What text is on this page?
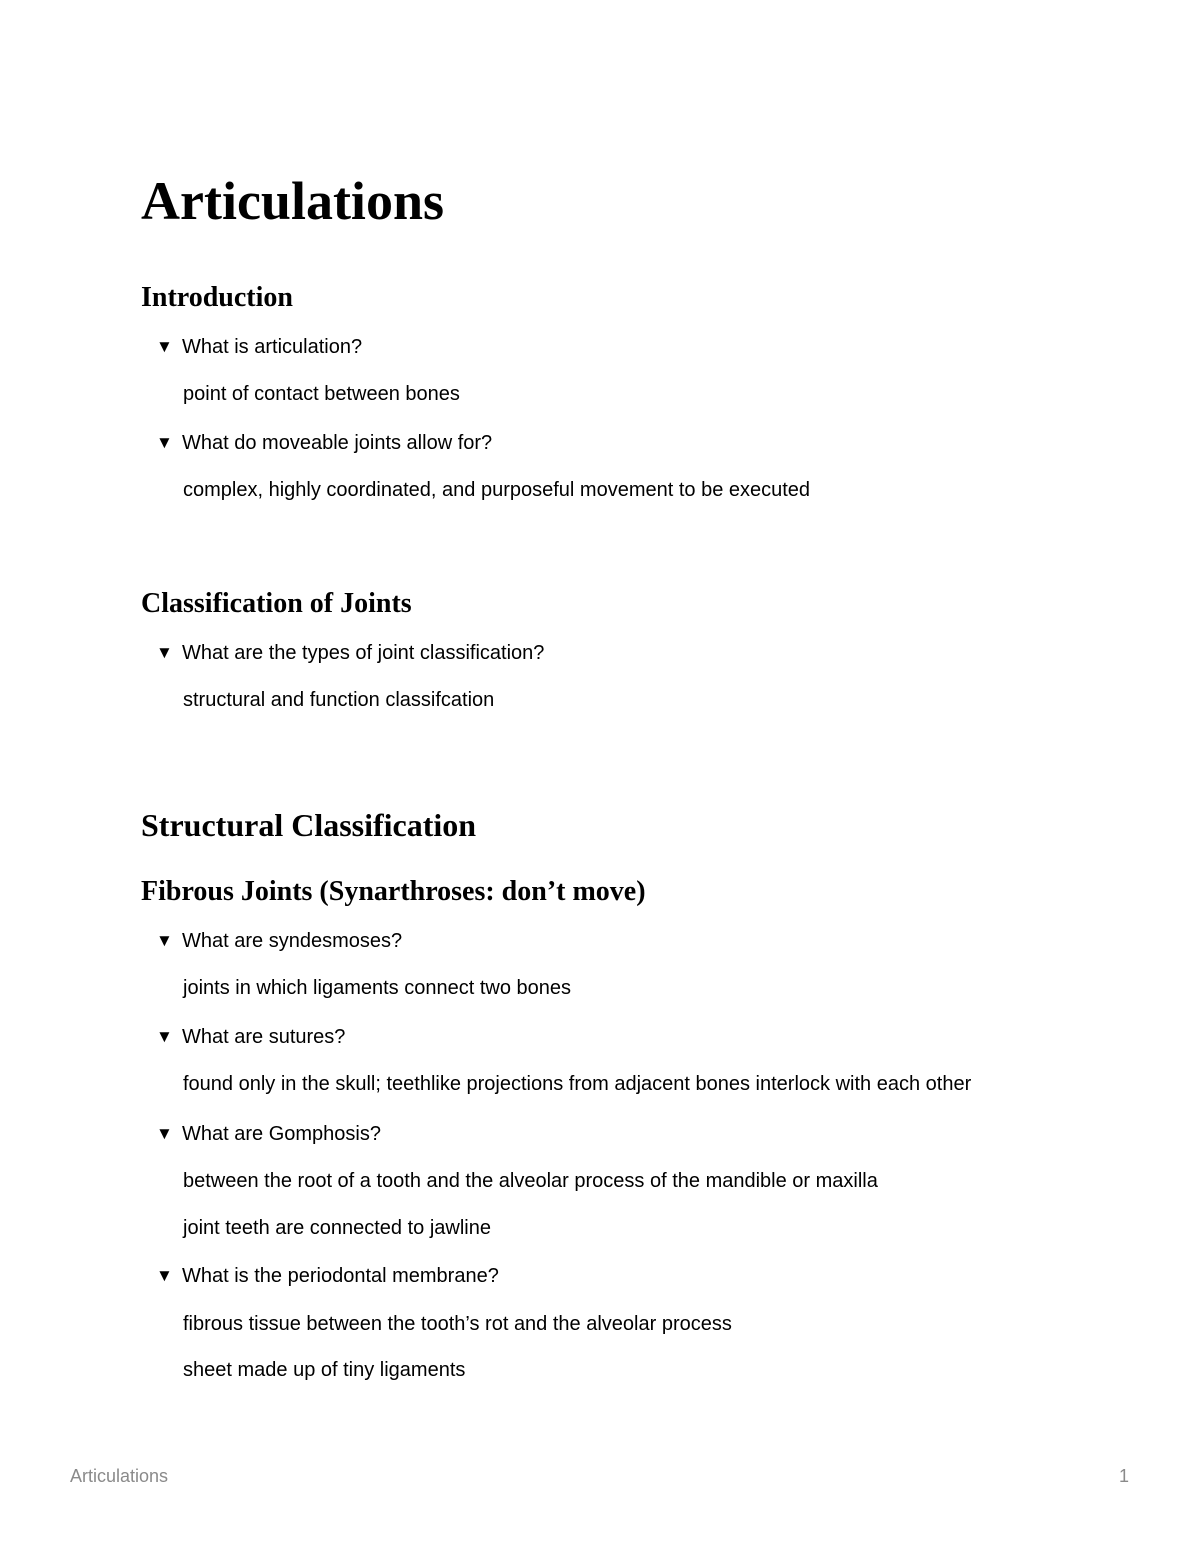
Articulations
Introduction
▼ What is articulation?
point of contact between bones
▼ What do moveable joints allow for?
complex, highly coordinated, and purposeful movement to be executed
Classification of Joints
▼ What are the types of joint classification?
structural and function classifcation
Structural Classification
Fibrous Joints (Synarthroses: don’t move)
▼ What are syndesmoses?
joints in which ligaments connect two bones
▼ What are sutures?
found only in the skull; teethlike projections from adjacent bones interlock with each other
▼ What are Gomphosis?
between the root of a tooth and the alveolar process of the mandible or maxilla
joint teeth are connected to jawline
▼ What is the periodontal membrane?
fibrous tissue between the tooth’s rot and the alveolar process
sheet made up of tiny ligaments
Articulations	1
